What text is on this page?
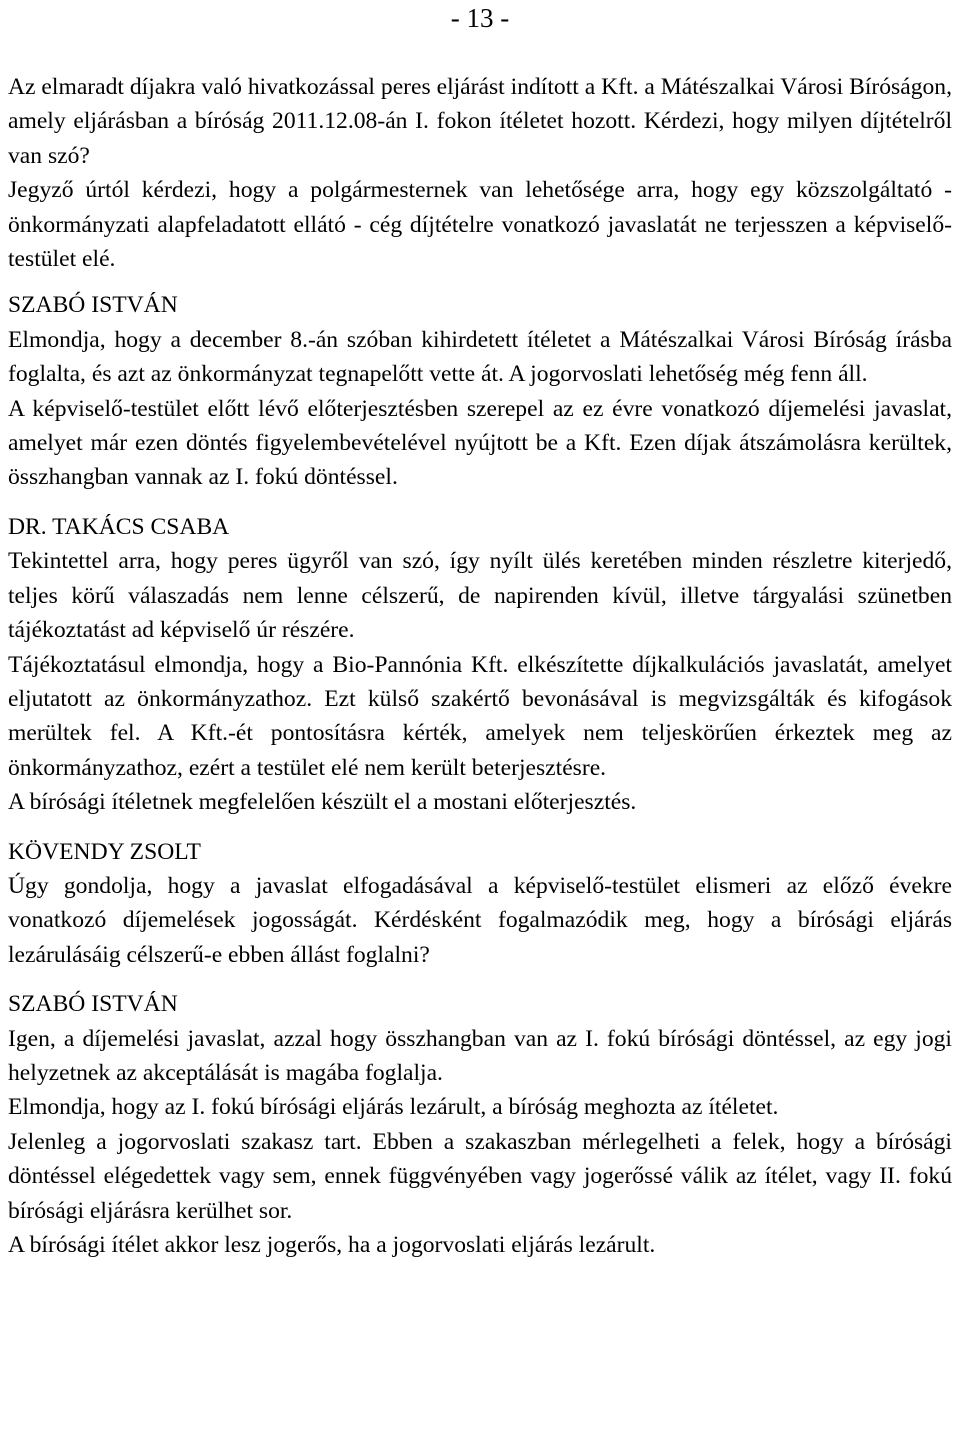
- 13 -

Az elmaradt díjakra való hivatkozással peres eljárást indított a Kft. a Mátészalkai Városi Bíróságon, amely eljárásban a bíróság 2011.12.08-án I. fokon ítéletet hozott. Kérdezi, hogy milyen díjtételről van szó?

Jegyző úrtól kérdezi, hogy a polgármesternek van lehetősége arra, hogy egy közszolgáltató - önkormányzati alapfeladatott ellátó - cég díjtételre vonatkozó javaslatát ne terjesszen a képviselő-testület elé.

SZABÓ ISTVÁN

Elmondja, hogy a december 8.-án szóban kihirdetett ítéletet a Mátészalkai Városi Bíróság írásba foglalta, és azt az önkormányzat tegnapelőtt vette át. A jogorvoslati lehetőség még fenn áll.

A képviselő-testület előtt lévő előterjesztésben szerepel az ez évre vonatkozó díjemelési javaslat, amelyet már ezen döntés figyelembevételével nyújtott be a Kft. Ezen díjak átszámolásra kerültek, összhangban vannak az I. fokú döntéssel.

DR. TAKÁCS CSABA

Tekintettel arra, hogy peres ügyről van szó, így nyílt ülés keretében minden részletre kiterjedő, teljes körű válaszadás nem lenne célszerű, de napirenden kívül, illetve tárgyalási szünetben tájékoztatást ad képviselő úr részére.

Tájékoztatásul elmondja, hogy a Bio-Pannónia Kft. elkészítette díjkalkulációs javaslatát, amelyet eljutatott az önkormányzathoz. Ezt külső szakértő bevonásával is megvizsgálták és kifogások merültek fel. A Kft.-ét pontosításra kérték, amelyek nem teljeskörűen érkeztek meg az önkormányzathoz, ezért a testület elé nem került beterjesztésre.

A bírósági ítéletnek megfelelően készült el a mostani előterjesztés.

KÖVENDY ZSOLT

Úgy gondolja, hogy a javaslat elfogadásával a képviselő-testület elismeri az előző évekre vonatkozó díjemelések jogosságát. Kérdésként fogalmazódik meg, hogy a bírósági eljárás lezárulásáig célszerű-e ebben állást foglalni?

SZABÓ ISTVÁN

Igen, a díjemelési javaslat, azzal hogy összhangban van az I. fokú bírósági döntéssel, az egy jogi helyzetnek az akceptálását is magába foglalja.

Elmondja, hogy az I. fokú bírósági eljárás lezárult, a bíróság meghozta az ítéletet.

Jelenleg a jogorvoslati szakasz tart. Ebben a szakaszban mérlegelheti a felek, hogy a bírósági döntéssel elégedettek vagy sem, ennek függvényében vagy jogerőssé válik az ítélet, vagy II. fokú bírósági eljárásra kerülhet sor.

A bírósági ítélet akkor lesz jogerős, ha a jogorvoslati eljárás lezárult.
